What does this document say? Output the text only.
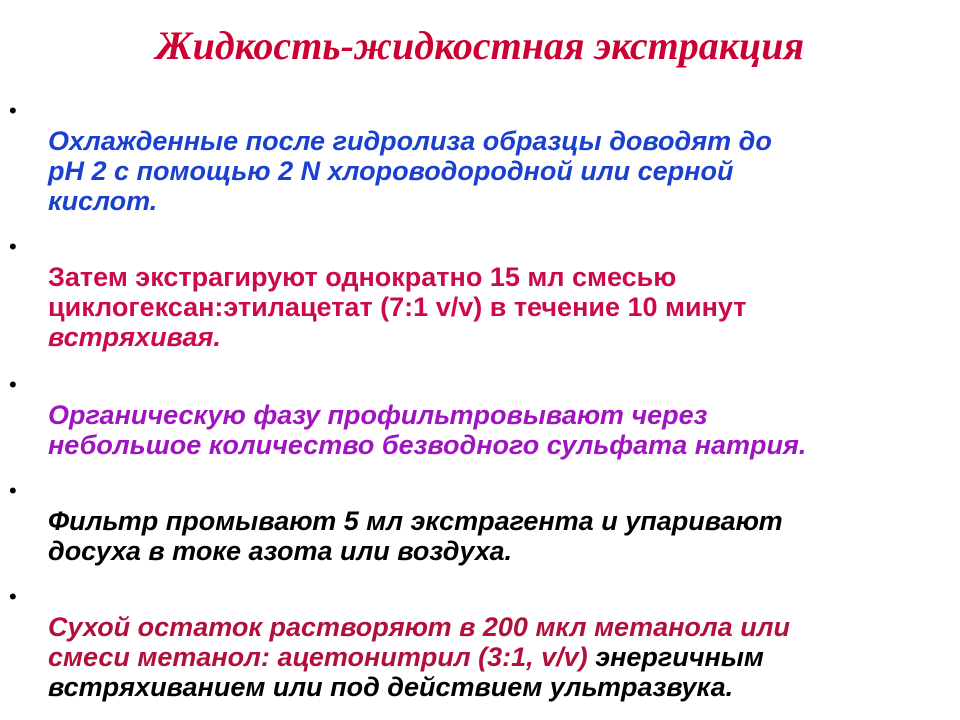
Жидкость-жидкостная экстракция
•

Охлажденные после гидролиза образцы доводят до
рН 2 с помощью 2 N хлороводородной или серной
кислот.

•

Затем экстрагируют однократно 15 мл смесью
циклогексан:этилацетат (7:1 v/v) в течение 10 минут
встряхивая.

•

Органическую фазу профильтровывают через
небольшое количество безводного сульфата натрия.

•

Фильтр промывают 5 мл экстрагента и упаривают
досуха в токе азота или воздуха.

•

Сухой остаток растворяют в 200 мкл метанола или
смеси метанол: ацетонитрил (3:1, v/v) энергичным
встряхиванием или под действием ультразвука.
